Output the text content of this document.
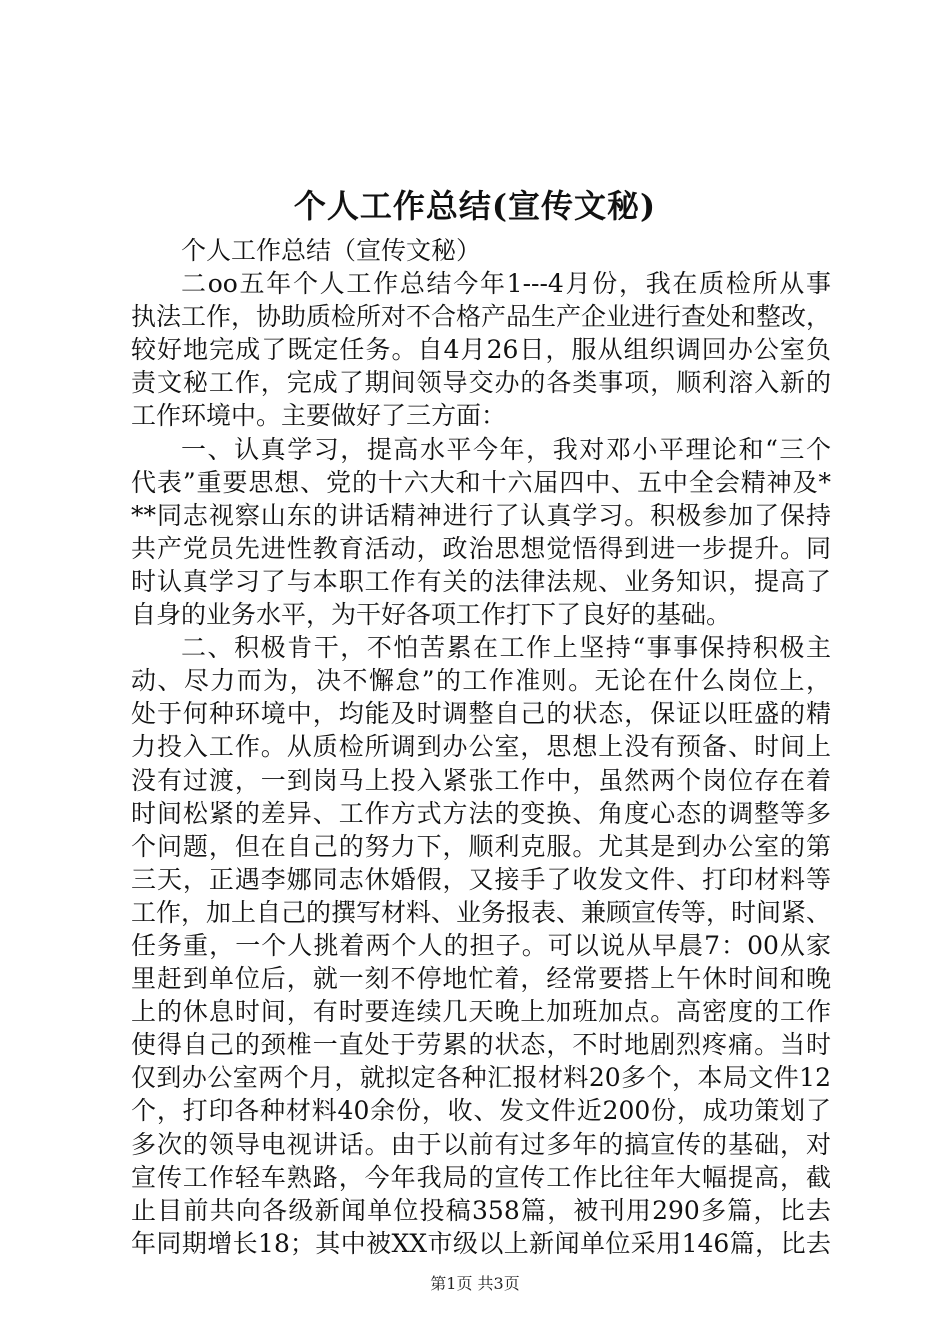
个人工作总结(宣传文秘)
个人工作总结（宣传文秘）
二oo五年个人工作总结今年1---4月份，我在质检所从事
执法工作，协助质检所对不合格产品生产企业进行查处和整改，
较好地完成了既定任务。自4月26日，服从组织调回办公室负
责文秘工作，完成了期间领导交办的各类事项，顺利溶入新的
工作环境中。主要做好了三方面：
一、认真学习，提高水平今年，我对邓小平理论和“三个
代表”重要思想、党的十六大和十六届四中、五中全会精神及*
**同志视察山东的讲话精神进行了认真学习。积极参加了保持
共产党员先进性教育活动，政治思想觉悟得到进一步提升。同
时认真学习了与本职工作有关的法律法规、业务知识，提高了
自身的业务水平，为干好各项工作打下了良好的基础。
二、积极肯干，不怕苦累在工作上坚持“事事保持积极主
动、尽力而为，决不懈怠”的工作准则。无论在什么岗位上，
处于何种环境中，均能及时调整自己的状态，保证以旺盛的精
力投入工作。从质检所调到办公室，思想上没有预备、时间上
没有过渡，一到岗马上投入紧张工作中，虽然两个岗位存在着
时间松紧的差异、工作方式方法的变换、角度心态的调整等多
个问题，但在自己的努力下，顺利克服。尤其是到办公室的第
三天，正遇李娜同志休婚假，又接手了收发文件、打印材料等
工作，加上自己的撰写材料、业务报表、兼顾宣传等，时间紧、
任务重，一个人挑着两个人的担子。可以说从早晨7：00从家
里赶到单位后，就一刻不停地忙着，经常要搭上午休时间和晚
上的休息时间，有时要连续几天晚上加班加点。高密度的工作
使得自己的颈椎一直处于劳累的状态，不时地剧烈疼痛。当时
仅到办公室两个月，就拟定各种汇报材料20多个，本局文件12
个，打印各种材料40余份，收、发文件近200份，成功策划了
多次的领导电视讲话。由于以前有过多年的搞宣传的基础，对
宣传工作轻车熟路，今年我局的宣传工作比往年大幅提高，截
止目前共向各级新闻单位投稿358篇，被刊用290多篇，比去
年同期增长18；其中被XX市级以上新闻单位采用146篇，比去
第1页 共3页
